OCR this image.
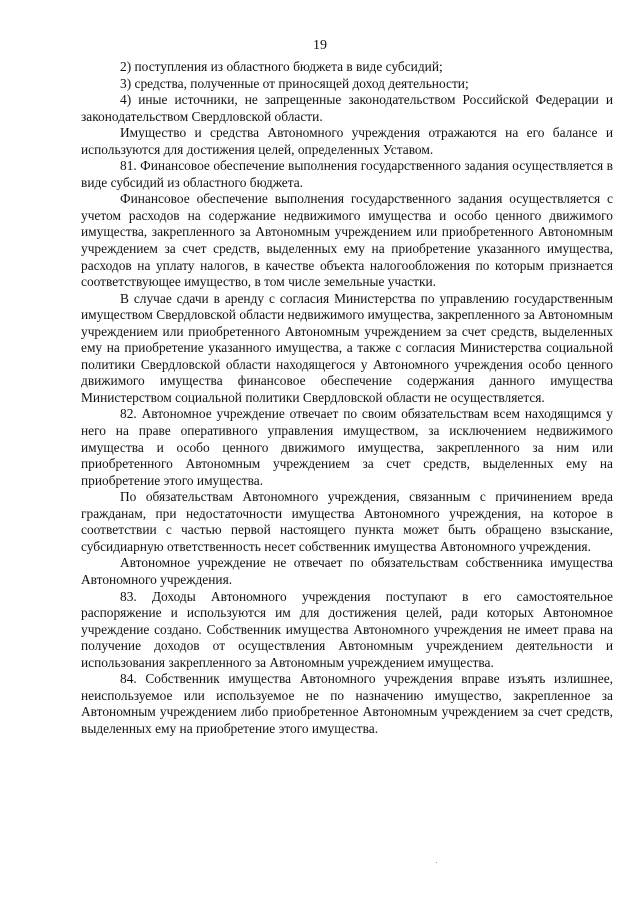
19

2) поступления из областного бюджета в виде субсидий;

3) средства, полученные от приносящей доход деятельности;

4) иные источники, не запрещенные законодательством Российской Федерации и законодательством Свердловской области.

Имущество и средства Автономного учреждения отражаются на его балансе и используются для достижения целей, определенных Уставом.

81. Финансовое обеспечение выполнения государственного задания осуществляется в виде субсидий из областного бюджета.

Финансовое обеспечение выполнения государственного задания осуществляется с учетом расходов на содержание недвижимого имущества и особо ценного движимого имущества, закрепленного за Автономным учреждением или приобретенного Автономным учреждением за счет средств, выделенных ему на приобретение указанного имущества, расходов на уплату налогов, в качестве объекта налогообложения по которым признается соответствующее имущество, в том числе земельные участки.

В случае сдачи в аренду с согласия Министерства по управлению государственным имуществом Свердловской области недвижимого имущества, закрепленного за Автономным учреждением или приобретенного Автономным учреждением за счет средств, выделенных ему на приобретение указанного имущества, а также с согласия Министерства социальной политики Свердловской области находящегося у Автономного учреждения особо ценного движимого имущества финансовое обеспечение содержания данного имущества Министерством социальной политики Свердловской области не осуществляется.

82. Автономное учреждение отвечает по своим обязательствам всем находящимся у него на праве оперативного управления имуществом, за исключением недвижимого имущества и особо ценного движимого имущества, закрепленного за ним или приобретенного Автономным учреждением за счет средств, выделенных ему на приобретение этого имущества.

По обязательствам Автономного учреждения, связанным с причинением вреда гражданам, при недостаточности имущества Автономного учреждения, на которое в соответствии с частью первой настоящего пункта может быть обращено взыскание, субсидиарную ответственность несет собственник имущества Автономного учреждения.

Автономное учреждение не отвечает по обязательствам собственника имущества Автономного учреждения.

83. Доходы Автономного учреждения поступают в его самостоятельное распоряжение и используются им для достижения целей, ради которых Автономное учреждение создано. Собственник имущества Автономного учреждения не имеет права на получение доходов от осуществления Автономным учреждением деятельности и использования закрепленного за Автономным учреждением имущества.

84. Собственник имущества Автономного учреждения вправе изъять излишнее, неиспользуемое или используемое не по назначению имущество, закрепленное за Автономным учреждением либо приобретенное Автономным учреждением за счет средств, выделенных ему на приобретение этого имущества.
